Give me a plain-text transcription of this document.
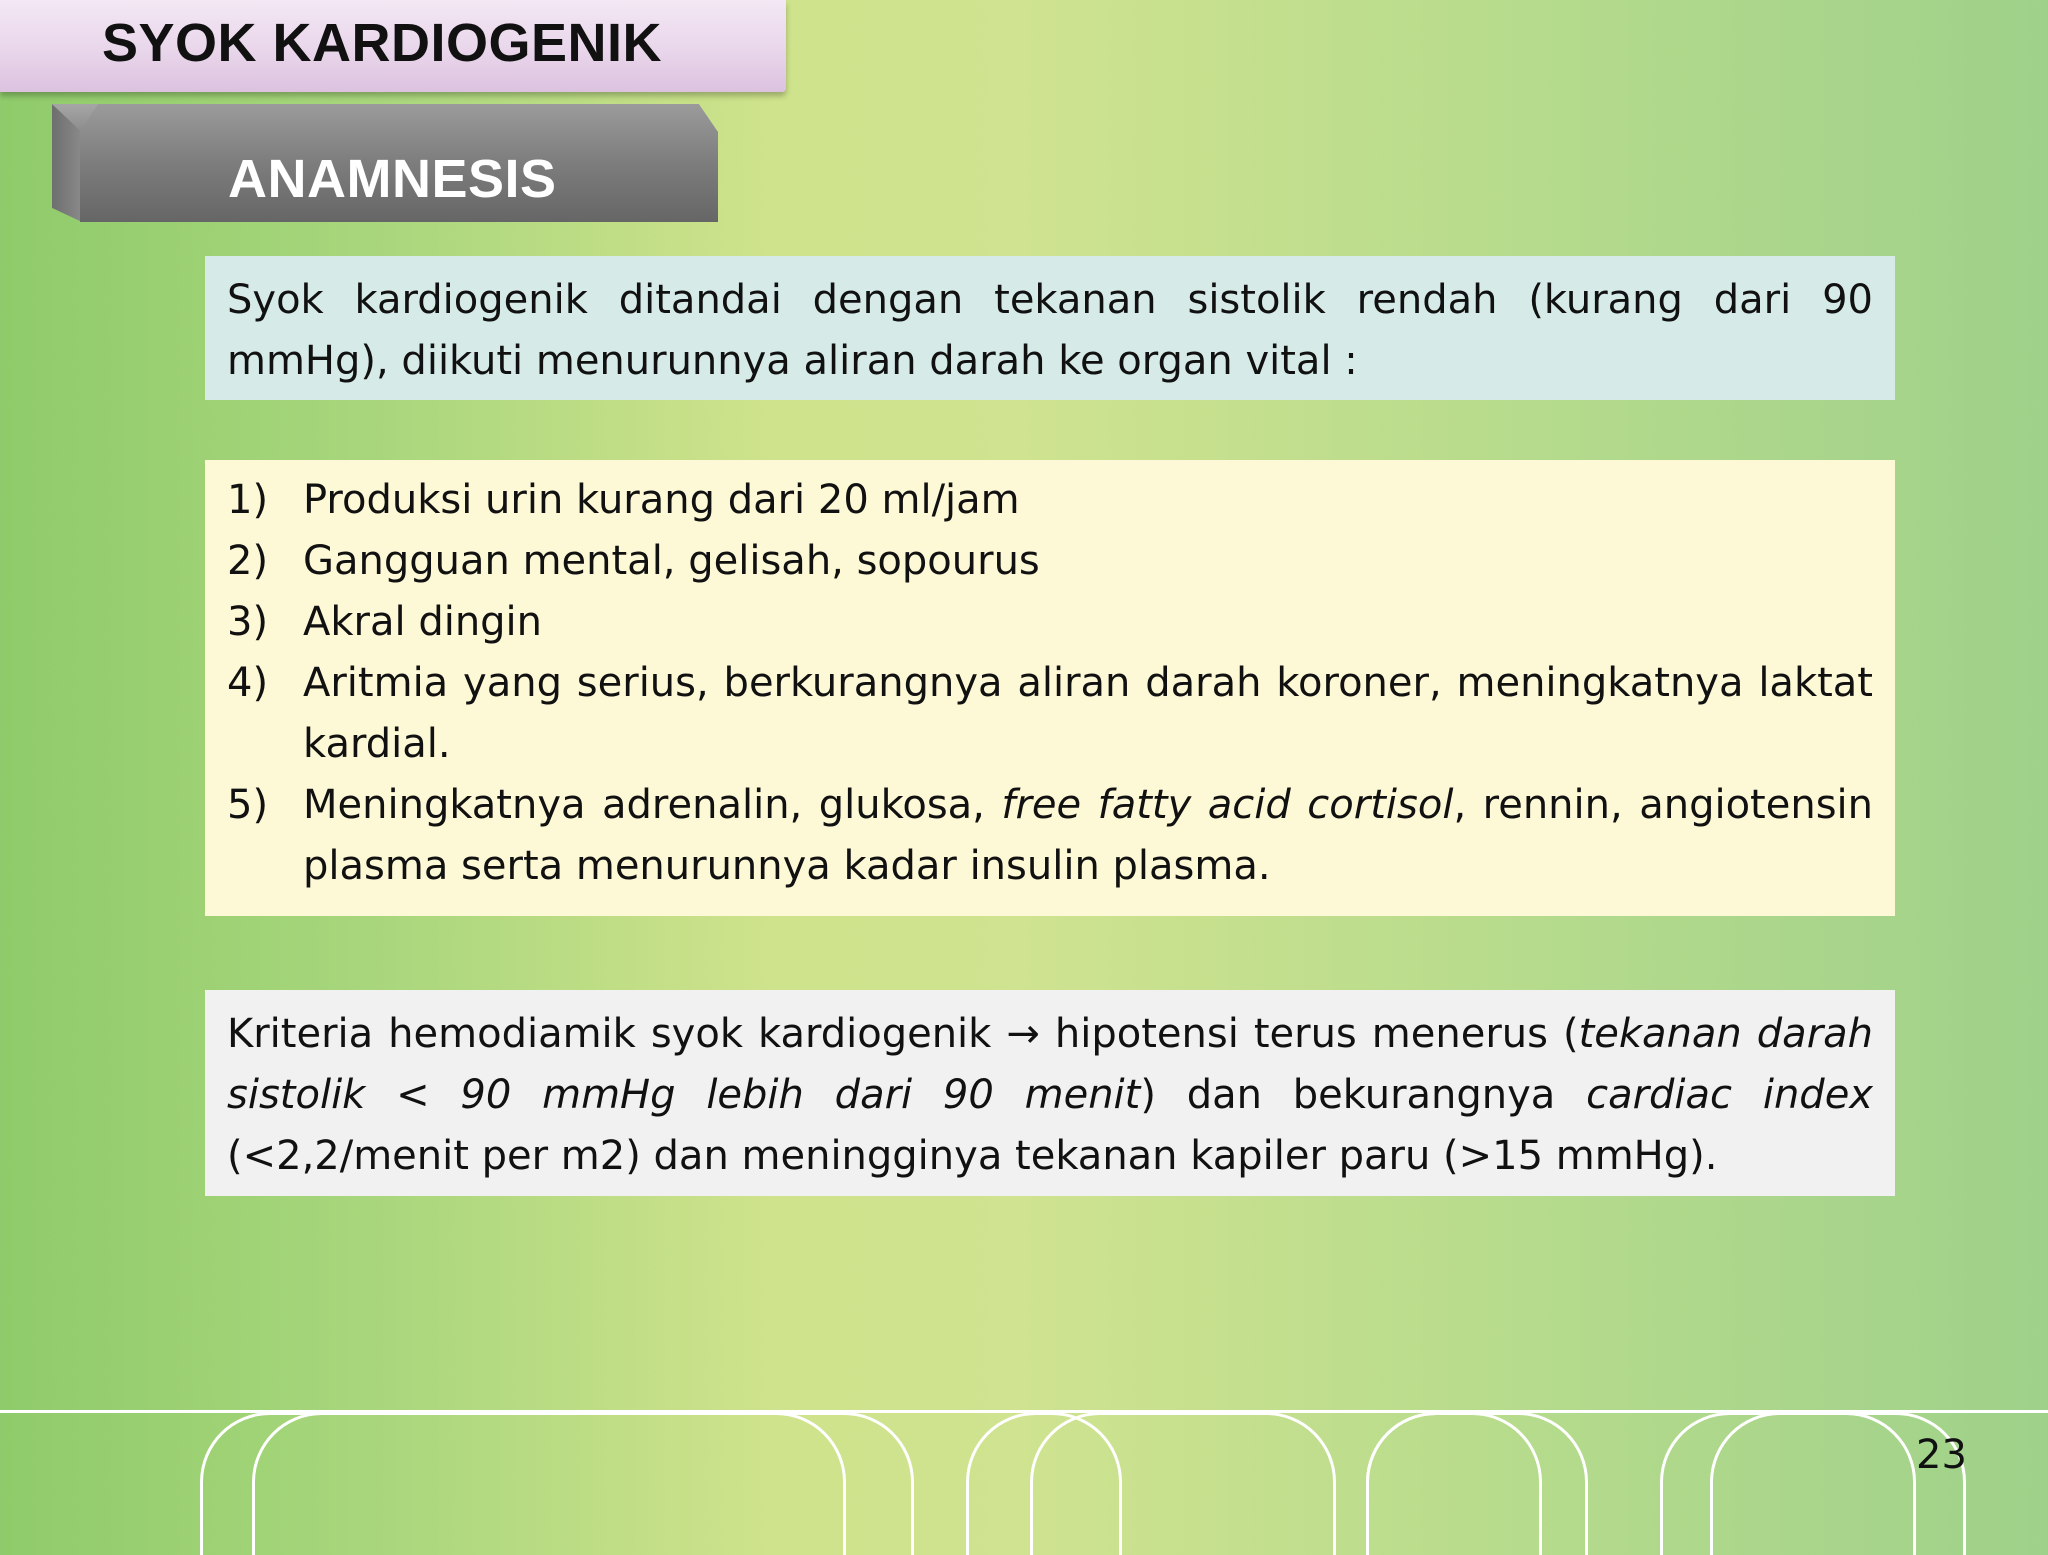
SYOK KARDIOGENIK
ANAMNESIS
Syok kardiogenik ditandai dengan tekanan sistolik rendah (kurang dari 90 mmHg), diikuti menurunnya aliran darah ke organ vital :
1) Produksi urin kurang dari 20 ml/jam
2) Gangguan mental, gelisah, sopourus
3) Akral dingin
4) Aritmia yang serius, berkurangnya aliran darah koroner, meningkatnya laktat kardial.
5) Meningkatnya adrenalin, glukosa, free fatty acid cortisol, rennin, angiotensin plasma serta menurunnya kadar insulin plasma.
Kriteria hemodiamik syok kardiogenik → hipotensi terus menerus (tekanan darah sistolik < 90 mmHg lebih dari 90 menit) dan bekurangnya cardiac index (<2,2/menit per m2) dan meningginya tekanan kapiler paru (>15 mmHg).
23
